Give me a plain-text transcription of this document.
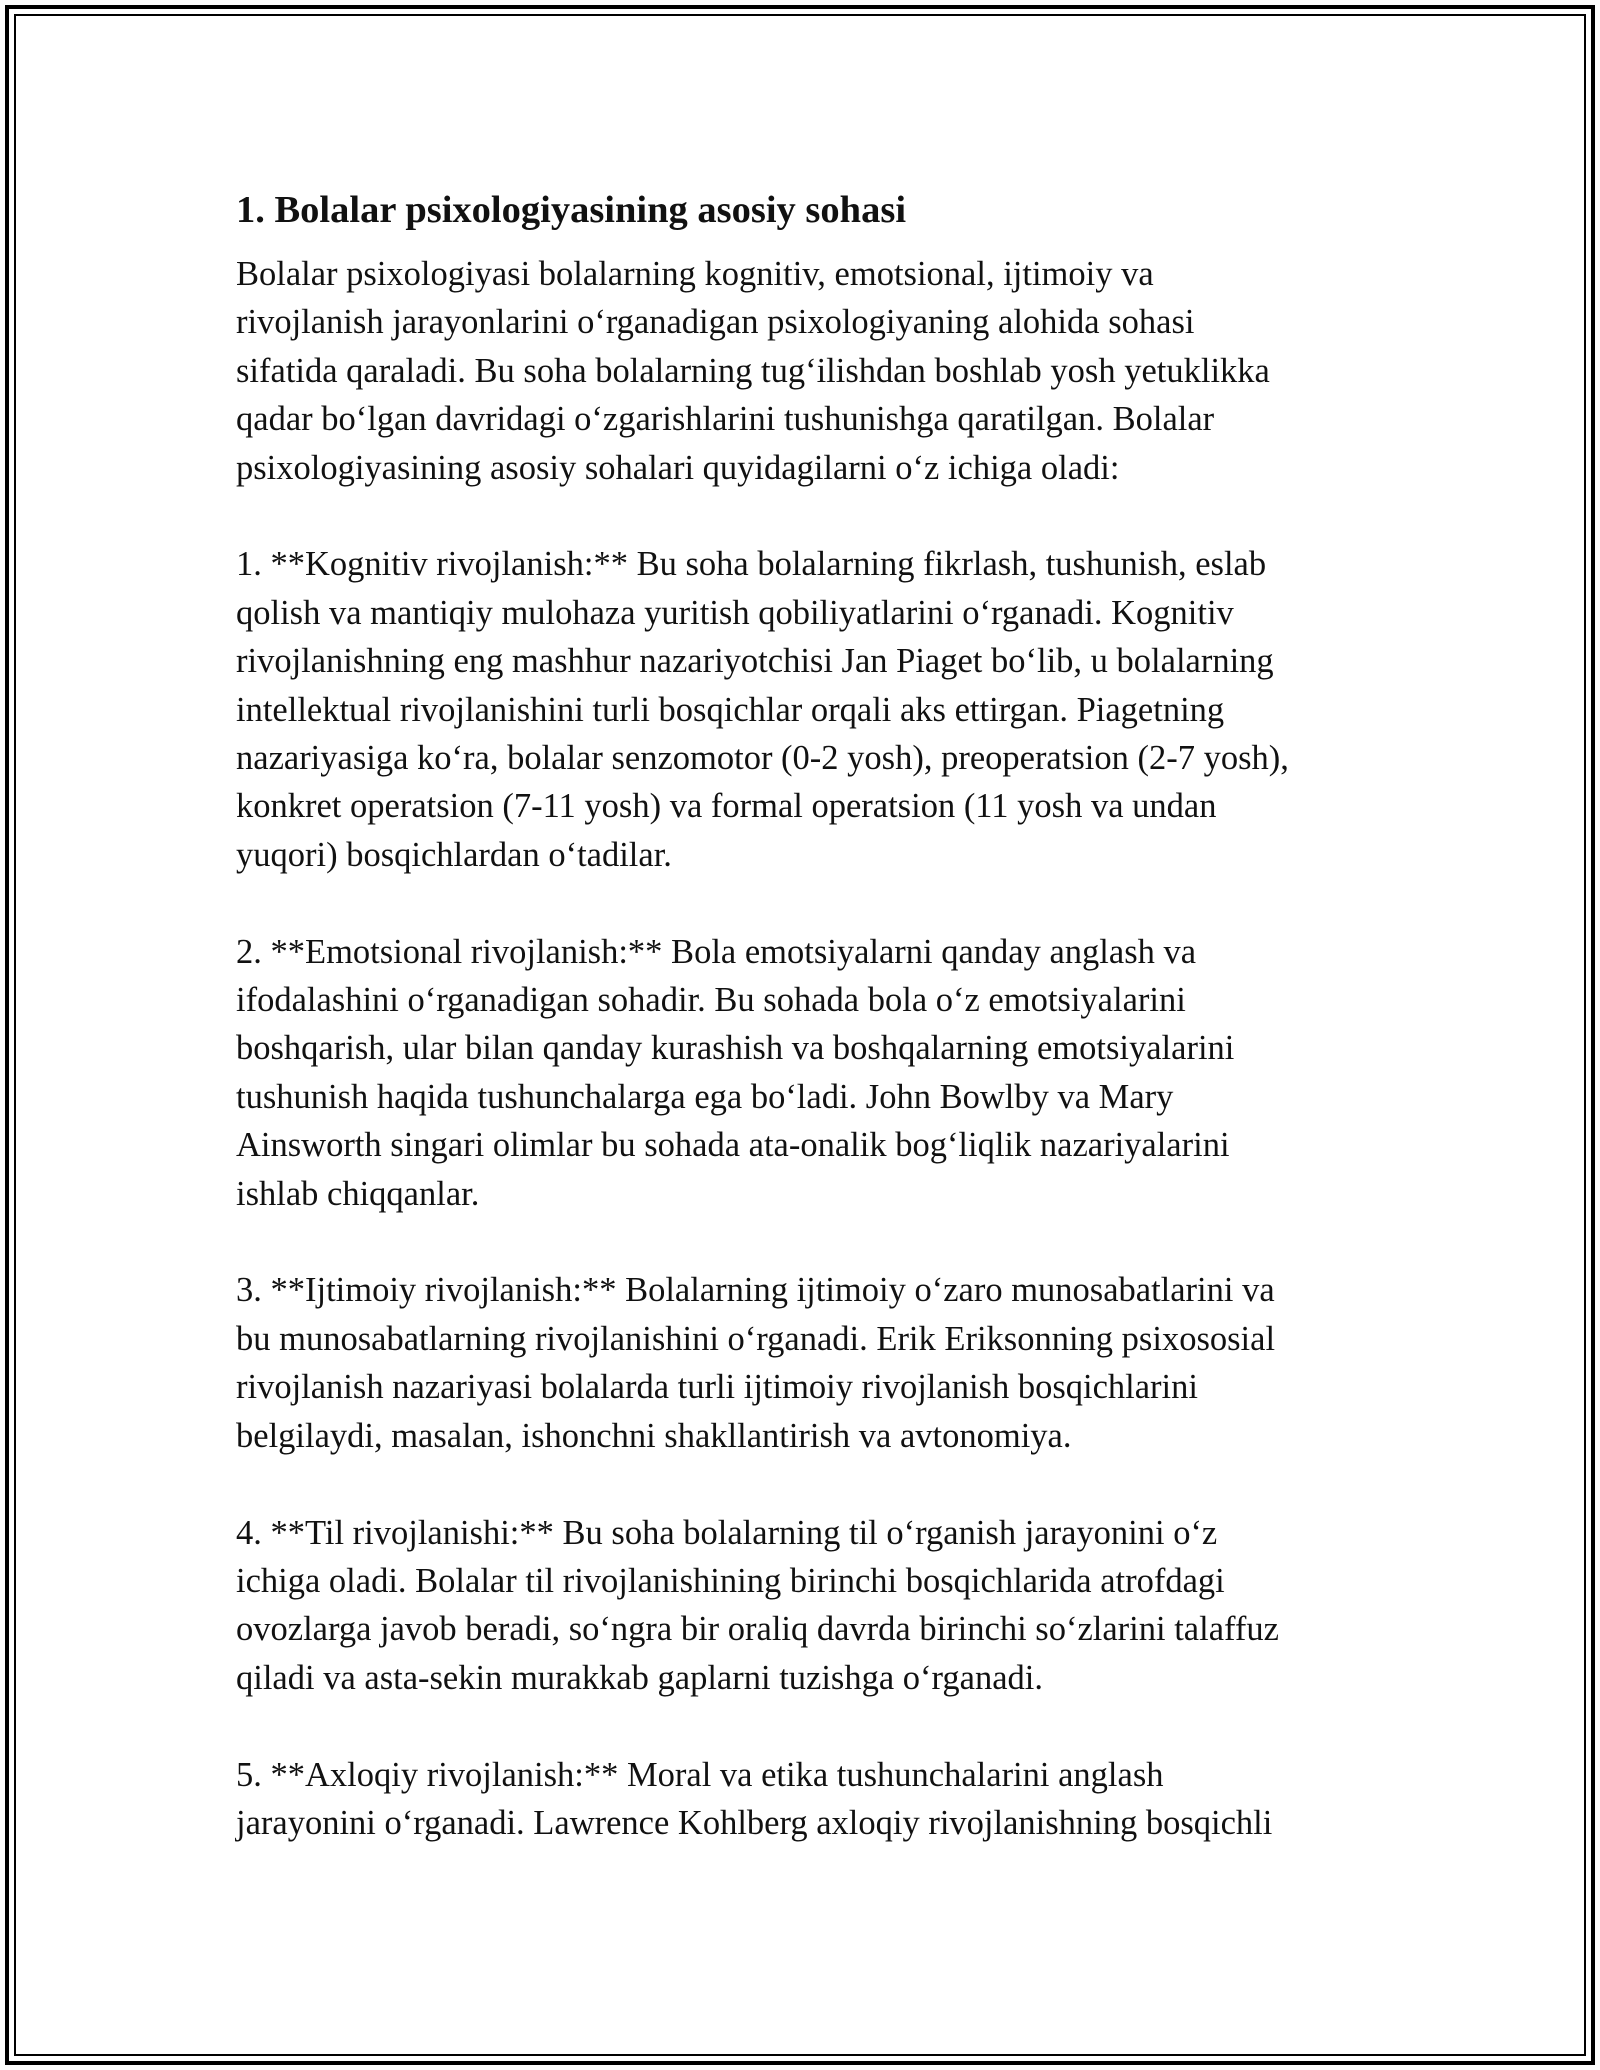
1. Bolalar psixologiyasining asosiy sohasi
Bolalar psixologiyasi bolalarning kognitiv, emotsional, ijtimoiy va
rivojlanish jarayonlarini o‘rganadigan psixologiyaning alohida sohasi
sifatida qaraladi. Bu soha bolalarning tug‘ilishdan boshlab yosh yetuklikka
qadar bo‘lgan davridagi o‘zgarishlarini tushunishga qaratilgan. Bolalar
psixologiyasining asosiy sohalari quyidagilarni o‘z ichiga oladi:
1. **Kognitiv rivojlanish:** Bu soha bolalarning fikrlash, tushunish, eslab
qolish va mantiqiy mulohaza yuritish qobiliyatlarini o‘rganadi. Kognitiv
rivojlanishning eng mashhur nazariyotchisi Jan Piaget bo‘lib, u bolalarning
intellektual rivojlanishini turli bosqichlar orqali aks ettirgan. Piagetning
nazariyasiga ko‘ra, bolalar senzomotor (0-2 yosh), preoperatsion (2-7 yosh),
konkret operatsion (7-11 yosh) va formal operatsion (11 yosh va undan
yuqori) bosqichlardan o‘tadilar.
2. **Emotsional rivojlanish:** Bola emotsiyalarni qanday anglash va
ifodalashini o‘rganadigan sohadir. Bu sohada bola o‘z emotsiyalarini
boshqarish, ular bilan qanday kurashish va boshqalarning emotsiyalarini
tushunish haqida tushunchalarga ega bo‘ladi. John Bowlby va Mary
Ainsworth singari olimlar bu sohada ata-onalik bog‘liqlik nazariyalarini
ishlab chiqqanlar.
3. **Ijtimoiy rivojlanish:** Bolalarning ijtimoiy o‘zaro munosabatlarini va
bu munosabatlarning rivojlanishini o‘rganadi. Erik Eriksonning psixososial
rivojlanish nazariyasi bolalarda turli ijtimoiy rivojlanish bosqichlarini
belgilaydi, masalan, ishonchni shakllantirish va avtonomiya.
4. **Til rivojlanishi:** Bu soha bolalarning til o‘rganish jarayonini o‘z
ichiga oladi. Bolalar til rivojlanishining birinchi bosqichlarida atrofdagi
ovozlarga javob beradi, so‘ngra bir oraliq davrda birinchi so‘zlarini talaffuz
qiladi va asta-sekin murakkab gaplarni tuzishga o‘rganadi.
5. **Axloqiy rivojlanish:** Moral va etika tushunchalarini anglash
jarayonini o‘rganadi. Lawrence Kohlberg axloqiy rivojlanishning bosqichli
